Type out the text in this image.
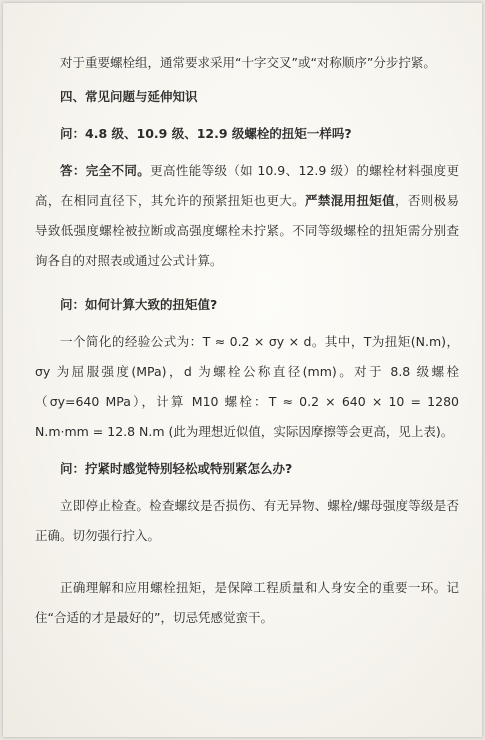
对于重要螺栓组，通常要求采用“十字交叉”或“对称顺序”分步拧紧。

四、常见问题与延伸知识

问：4.8 级、10.9 级、12.9 级螺栓的扭矩一样吗?

答：完全不同。更高性能等级（如 10.9、12.9 级）的螺栓材料强度更高，在相同直径下，其允许的预紧扭矩也更大。严禁混用扭矩值，否则极易导致低强度螺栓被拉断或高强度螺栓未拧紧。不同等级螺栓的扭矩需分别查询各自的对照表或通过公式计算。

问：如何计算大致的扭矩值?

一个简化的经验公式为：T ≈ 0.2 × σy × d。其中，T为扭矩(N.m)，σy 为屈服强度(MPa)，d 为螺栓公称直径(mm)。对于 8.8 级螺栓（σy=640 MPa），计算 M10 螺栓：T ≈ 0.2 × 640 × 10 = 1280 N.m·mm = 12.8 N.m (此为理想近似值，实际因摩擦等会更高，见上表)。

问：拧紧时感觉特别轻松或特别紧怎么办?

立即停止检查。检查螺纹是否损伤、有无异物、螺栓/螺母强度等级是否正确。切勿强行拧入。

正确理解和应用螺栓扭矩，是保障工程质量和人身安全的重要一环。记住“合适的才是最好的”，切忌凭感觉蛮干。
